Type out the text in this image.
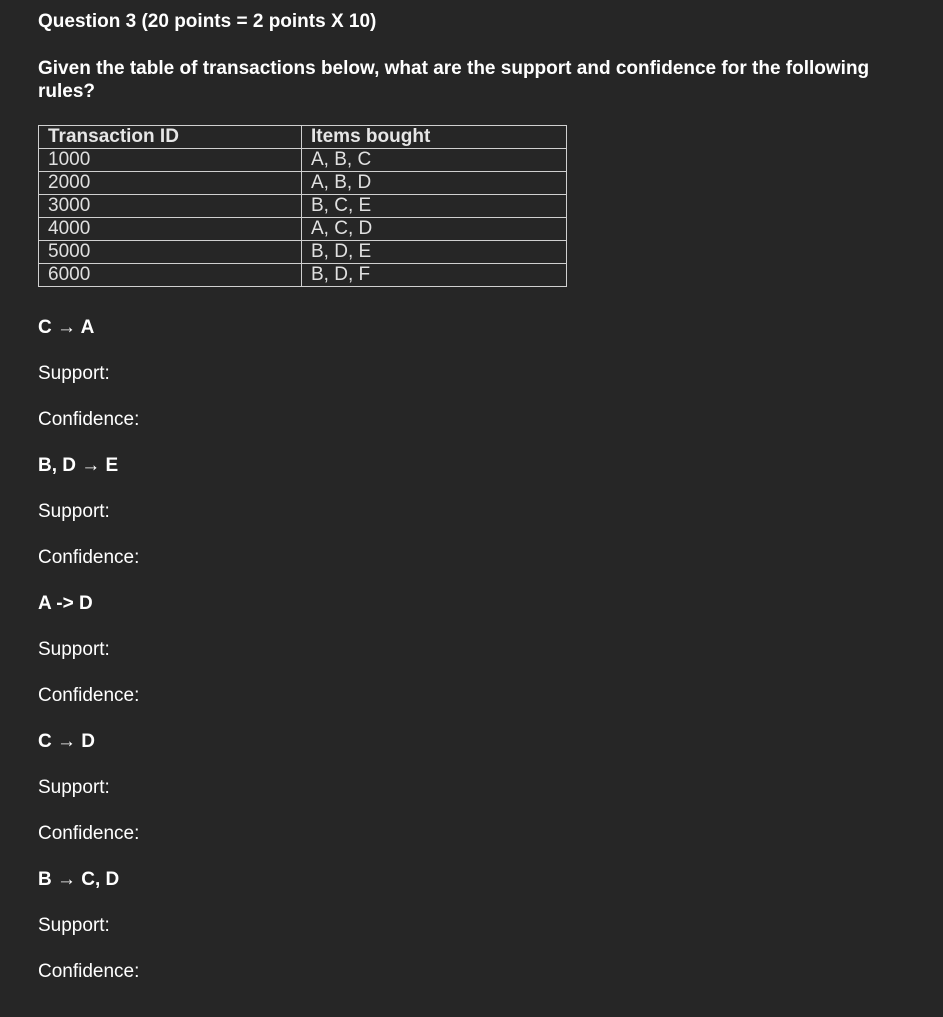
Question 3 (20 points = 2 points X 10)
Given the table of transactions below, what are the support and confidence for the following rules?
Transaction ID	Items bought
1000	A, B, C
2000	A, B, D
3000	B, C, E
4000	A, C, D
5000	B, D, E
6000	B, D, F
C → A
Support:
Confidence:
B, D → E
Support:
Confidence:
A -> D
Support:
Confidence:
C → D
Support:
Confidence:
B → C, D
Support:
Confidence:
